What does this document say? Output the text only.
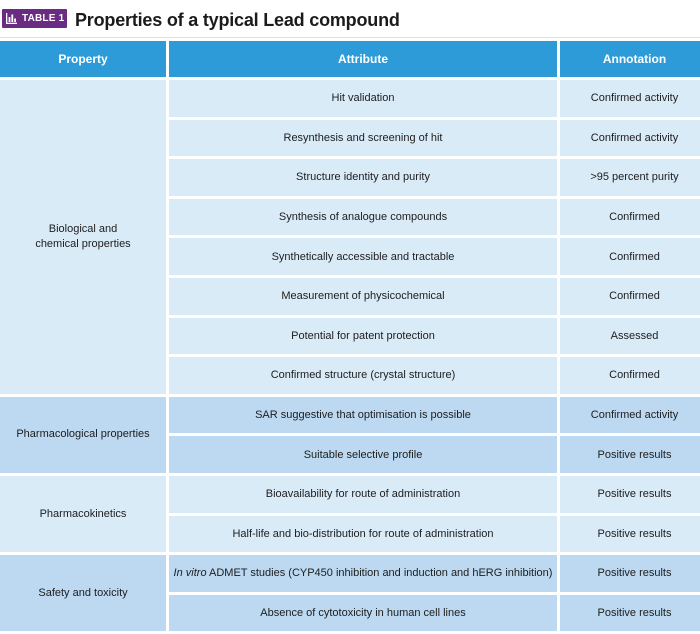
TABLE 1 Properties of a typical Lead compound
Property	Attribute	Annotation
Biological and
chemical properties	Hit validation	Confirmed activity
	Resynthesis and screening of hit	Confirmed activity
	Structure identity and purity	>95 percent purity
	Synthesis of analogue compounds	Confirmed
	Synthetically accessible and tractable	Confirmed
	Measurement of physicochemical	Confirmed
	Potential for patent protection	Assessed
	Confirmed structure (crystal structure)	Confirmed
Pharmacological properties	SAR suggestive that optimisation is possible	Confirmed activity
	Suitable selective profile	Positive results
Pharmacokinetics	Bioavailability for route of administration	Positive results
	Half-life and bio-distribution for route of administration	Positive results
Safety and toxicity	In vitro ADMET studies (CYP450 inhibition and induction and hERG inhibition)	Positive results
	Absence of cytotoxicity in human cell lines	Positive results
